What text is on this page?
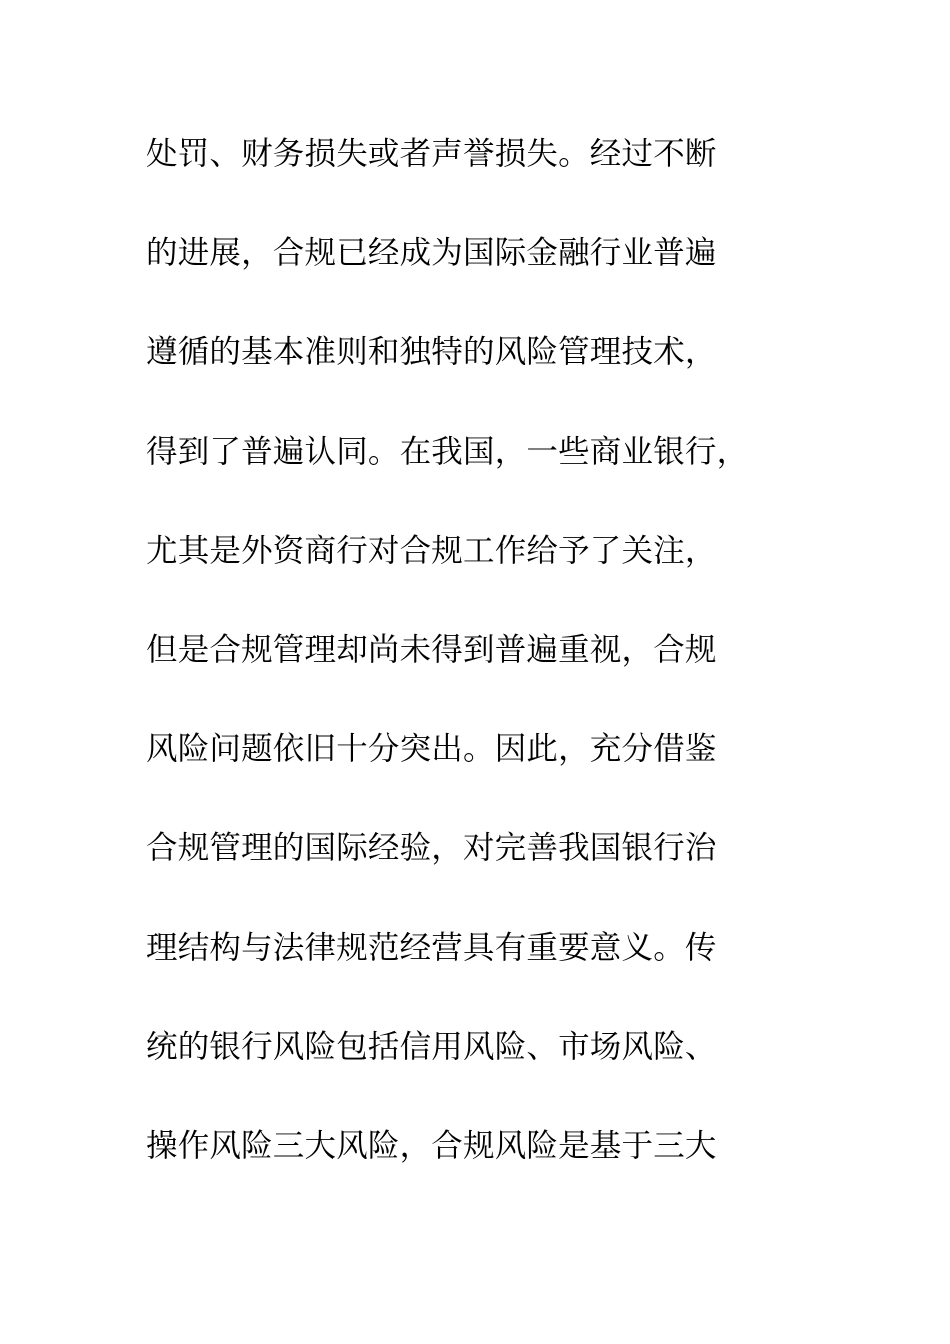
处罚、财务损失或者声誉损失。经过不断
的进展，合规已经成为国际金融行业普遍
遵循的基本准则和独特的风险管理技术，
得到了普遍认同。在我国，一些商业银行，
尤其是外资商行对合规工作给予了关注，
但是合规管理却尚未得到普遍重视，合规
风险问题依旧十分突出。因此，充分借鉴
合规管理的国际经验，对完善我国银行治
理结构与法律规范经营具有重要意义。传
统的银行风险包括信用风险、市场风险、
操作风险三大风险，合规风险是基于三大
